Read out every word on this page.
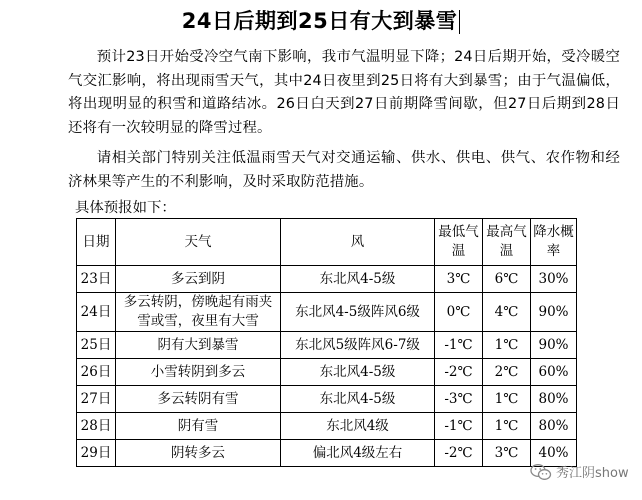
24日后期到25日有大到暴雪
预计23日开始受冷空气南下影响，我市气温明显下降；24日后期开始，受冷暖空气交汇影响，将出现雨雪天气，其中24日夜里到25日将有大到暴雪；由于气温偏低，将出现明显的积雪和道路结冰。26日白天到27日前期降雪间歇，但27日后期到28日还将有一次较明显的降雪过程。
请相关部门特别关注低温雨雪天气对交通运输、供水、供电、供气、农作物和经济林果等产生的不利影响，及时采取防范措施。
具体预报如下：
日期	天气	风	最低气温	最高气温	降水概率
23日	多云到阴	东北风4-5级	3℃	6℃	30%
24日	多云转阴，傍晚起有雨夹雪或雪，夜里有大雪	东北风4-5级阵风6级	0℃	4℃	90%
25日	阴有大到暴雪	东北风5级阵风6-7级	-1℃	1℃	90%
26日	小雪转阴到多云	东北风4-5级	-2℃	2℃	60%
27日	多云转阴有雪	东北风4-5级	-3℃	1℃	80%
28日	阴有雪	东北风4级	-1℃	1℃	80%
29日	阴转多云	偏北风4级左右	-2℃	3℃	40%
秀江阴show
